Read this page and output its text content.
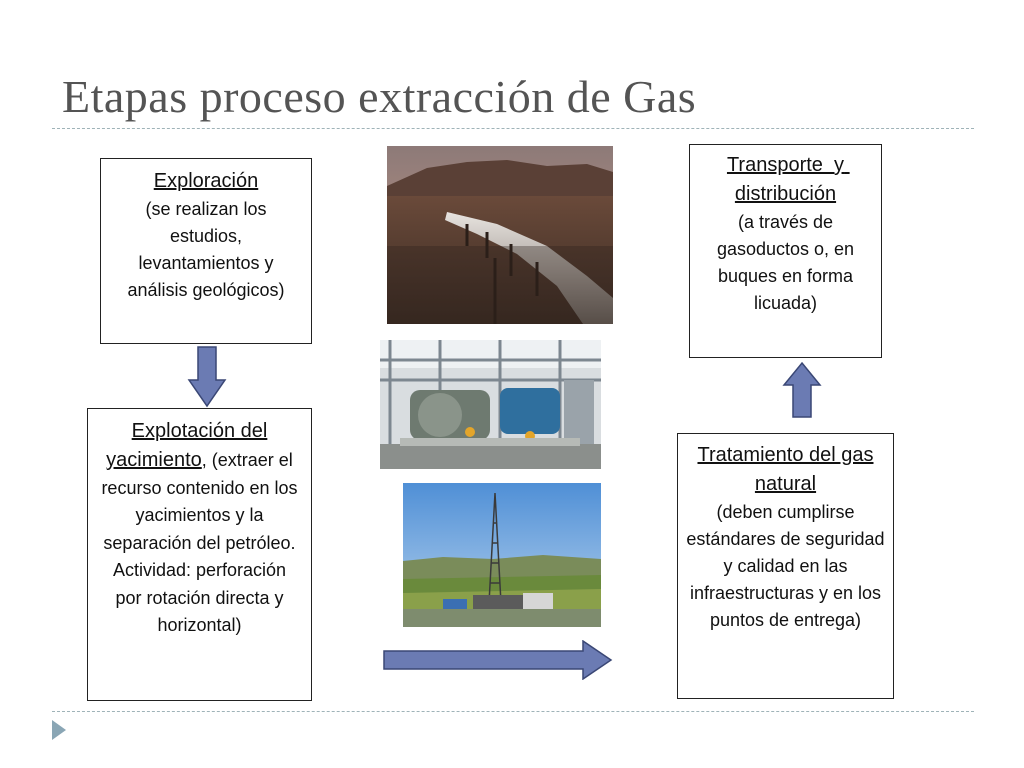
Etapas proceso extracción de Gas
Exploración
(se realizan los estudios, levantamientos y análisis geológicos)
Explotación del yacimiento, (extraer el recurso contenido en los yacimientos y la separación del petróleo. Actividad: perforación por rotación directa y horizontal)
Transporte  y distribución
(a través de gasoductos o, en buques en forma licuada)
Tratamiento del gas natural
(deben cumplirse estándares de seguridad y calidad en las infraestructuras y en los puntos de entrega)
